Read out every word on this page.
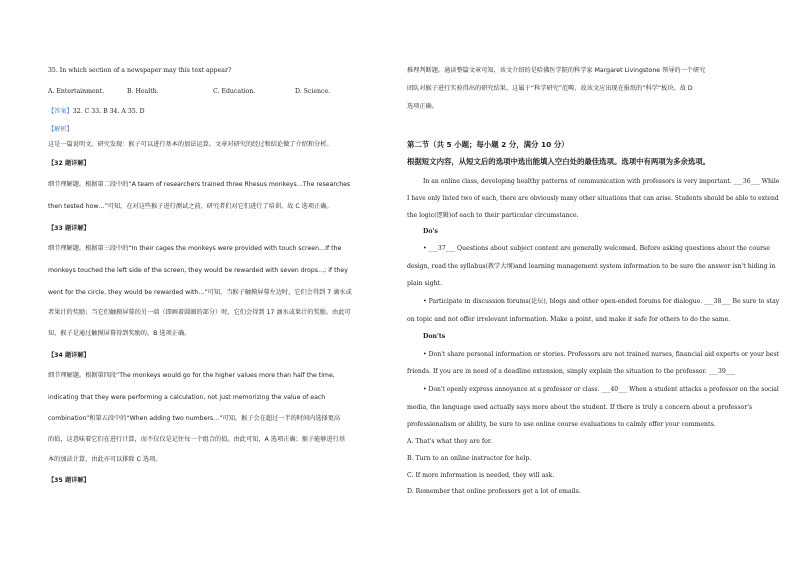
35. In which section of a newspaper may this text appear?
A. Entertainment.	B. Health.	C. Education.	D. Science.
【答案】32. C 33. B 34. A 35. D
【解析】
这是一篇说明文。研究发现：猴子可以进行基本的加法运算。文章对研究的经过和结论做了介绍和分析。
【32 题详解】
细节理解题。根据第二段中的“A team of researchers trained three Rhesus monkeys…The researches
then tested how…”可知，在对这些猴子进行测试之前，研究者们对它们进行了培训。故 C 选项正确。
【33 题详解】
细节理解题。根据第三段中的“In their cages the monkeys were provided with touch screen…If the
monkeys touched the left side of the screen, they would be rewarded with seven drops…; if they
went for the circle, they would be rewarded with…”可知，当猴子触摸屏幕左边时，它们会得到 7 滴水或
者果汁的奖励；当它们触摸屏幕的另一端（即画着圆圈的部分）时，它们会得到 17 滴水或果汁的奖励。由此可
知，猴子是通过触摸屏幕得到奖励的。B 选项正确。
【34 题详解】
细节理解题。根据第四段“The monkeys would go for the higher values more than half the time,
indicating that they were performing a calculation, not just memorizing the value of each
combination”和第五段中的“When adding two numbers…”可知，猴子会在超过一半的时间内选择更高
的值，这意味着它们在进行计算，而不仅仅是记住每一个组合的值。由此可知，A 选项正确；猴子能够进行基
本的加法计算，由此亦可以排除 C 选项。
【35 题详解】
推理判断题。通读整篇文章可知，该文介绍的是哈佛医学院的科学家 Margaret Livingstone 领导的一个研究
团队对猴子进行实验得出的研究结果。这属于“科学研究”范畴，故该文应出现在报纸的“科学”板块。故 D
选项正确。
第二节（共 5 小题；每小题 2 分，满分 10 分）
根据短文内容，从短文后的选项中选出能填入空白处的最佳选项。选项中有两项为多余选项。
In an online class, developing healthy patterns of communication with professors is very important. ___36___ While
I have only listed two of each, there are obviously many other situations that can arise. Students should be able to extend
the logic(逻辑)of each to their particular circumstance.
Do's
• ___37___ Questions about subject content are generally welcomed. Before asking questions about the course
design, read the syllabus(教学大纲)and learning management system information to be sure the answer isn't hiding in
plain sight.
• Participate in discussion forums(论坛), blogs and other open-ended forums for dialogue. ___38___ Be sure to stay
on topic and not offer irrelevant information. Make a point, and make it safe for others to do the same.
Don'ts
• Don't share personal information or stories. Professors are not trained nurses, financial aid experts or your best
friends. If you are in need of a deadline extension, simply explain the situation to the professor. ___39___
• Don't openly express annoyance at a professor or class. ___40___ When a student attacks a professor on the social
media, the language used actually says more about the student. If there is truly a concern about a professor's
professionalism or ability, be sure to use online course evaluations to calmly offer your comments.
A. That's what they are for.
B. Turn to an online instructor for help.
C. If more information is needed, they will ask.
D. Remember that online professors get a lot of emails.
